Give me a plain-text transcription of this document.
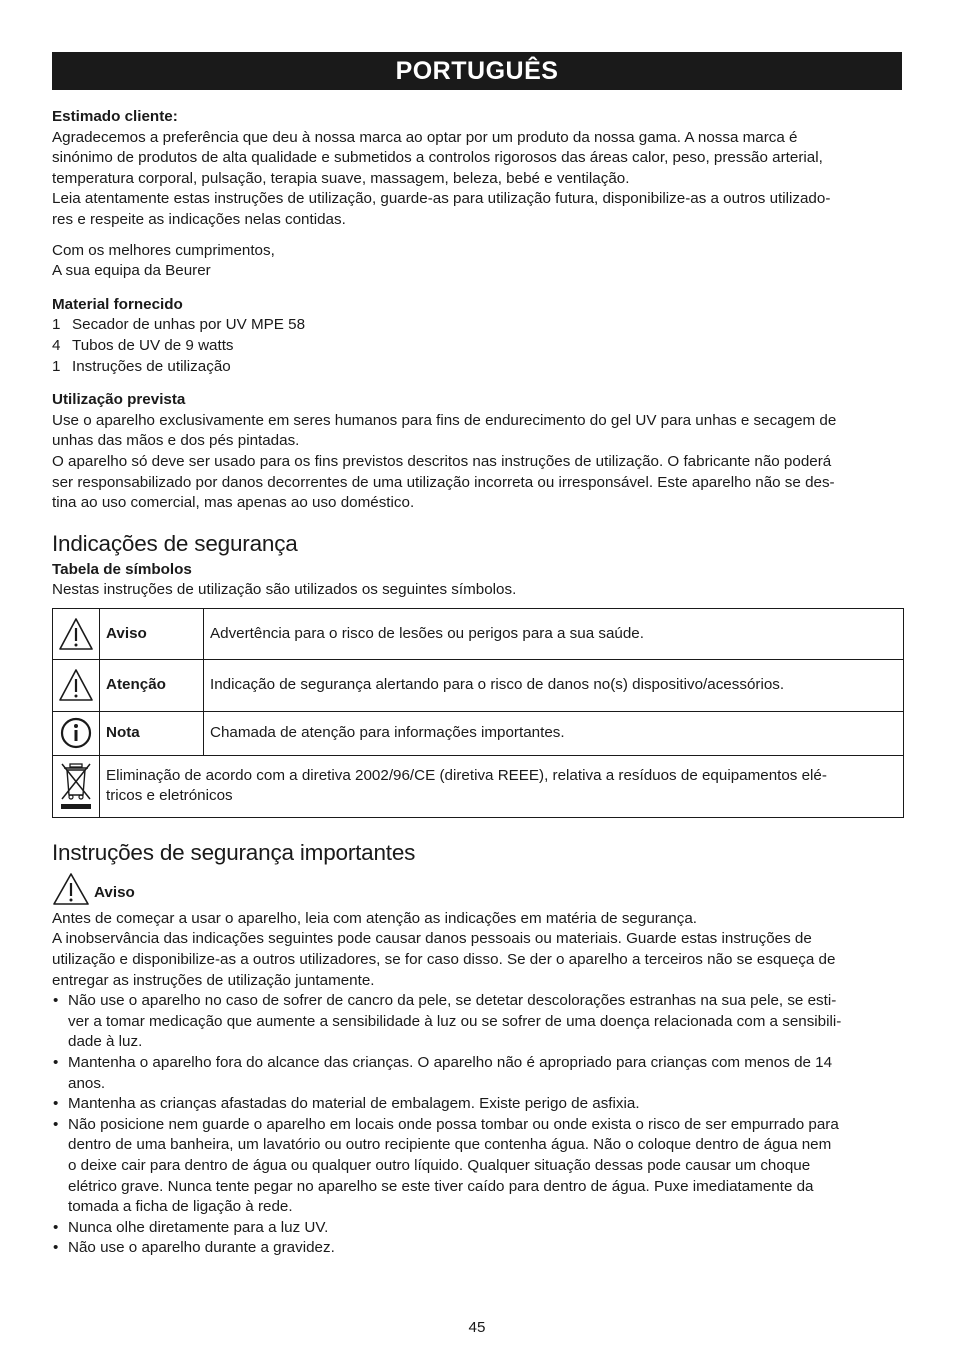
PORTUGUÊS

Estimado cliente:

Agradecemos a preferência que deu à nossa marca ao optar por um produto da nossa gama. A nossa marca é

sinónimo de produtos de alta qualidade e submetidos a controlos rigorosos das áreas calor, peso, pressão arterial,

temperatura corporal, pulsação, terapia suave, massagem, beleza, bebé e ventilação.

Leia atentamente estas instruções de utilização, guarde-as para utilização futura, disponibilize-as a outros utilizado-

res e respeite as indicações nelas contidas.

Com os melhores cumprimentos,

A sua equipa da Beurer

Material fornecido

1 Secador de unhas por UV MPE 58
4 Tubos de UV de 9 watts
1 Instruções de utilização

Utilização prevista

Use o aparelho exclusivamente em seres humanos para fins de endurecimento do gel UV para unhas e secagem de

unhas das mãos e dos pés pintadas.

O aparelho só deve ser usado para os fins previstos descritos nas instruções de utilização. O fabricante não poderá

ser responsabilizado por danos decorrentes de uma utilização incorreta ou irresponsável. Este aparelho não se des-

tina ao uso comercial, mas apenas ao uso doméstico.

Indicações de segurança

Tabela de símbolos

Nestas instruções de utilização são utilizados os seguintes símbolos.

	Aviso	Advertência para o risco de lesões ou perigos para a sua saúde.

	Atenção	Indicação de segurança alertando para o risco de danos no(s) dispositivo/acessórios.

	Nota	Chamada de atenção para informações importantes.

Eliminação de acordo com a diretiva 2002/96/CE (diretiva REEE), relativa a resíduos de equipamentos elé-

tricos e eletrónicos	

Instruções de segurança importantes
Aviso

Antes de começar a usar o aparelho, leia com atenção as indicações em matéria de segurança.

A inobservância das indicações seguintes pode causar danos pessoais ou materiais. Guarde estas instruções de

utilização e disponibilize-as a outros utilizadores, se for caso disso. Se der o aparelho a terceiros não se esqueça de

entregar as instruções de utilização juntamente.

• Não use o aparelho no caso de sofrer de cancro da pele, se detetar descolorações estranhas na sua pele, se esti-
ver a tomar medicação que aumente a sensibilidade à luz ou se sofrer de uma doença relacionada com a sensibili-
dade à luz.
• Mantenha o aparelho fora do alcance das crianças. O aparelho não é apropriado para crianças com menos de 14
anos.
• Mantenha as crianças afastadas do material de embalagem. Existe perigo de asfixia.
• Não posicione nem guarde o aparelho em locais onde possa tombar ou onde exista o risco de ser empurrado para
dentro de uma banheira, um lavatório ou outro recipiente que contenha água. Não o coloque dentro de água nem
o deixe cair para dentro de água ou qualquer outro líquido. Qualquer situação dessas pode causar um choque
elétrico grave. Nunca tente pegar no aparelho se este tiver caído para dentro de água. Puxe imediatamente da
tomada a ficha de ligação à rede.
• Nunca olhe diretamente para a luz UV.
• Não use o aparelho durante a gravidez.
45
